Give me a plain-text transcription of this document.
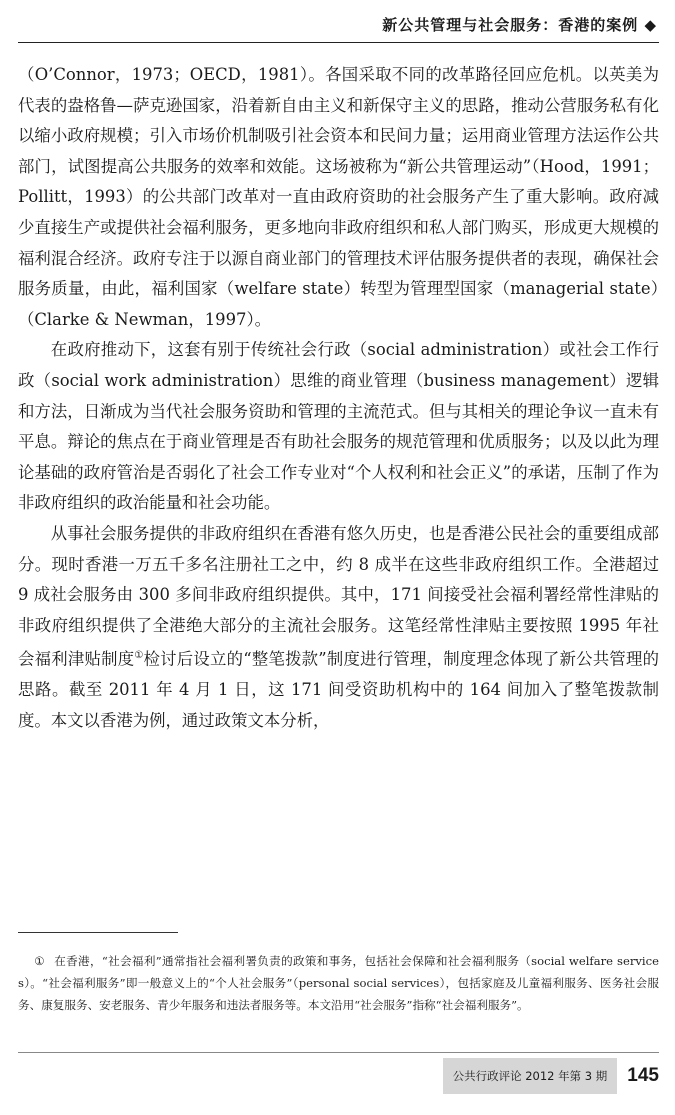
新公共管理与社会服务：香港的案例 ◆

（O’Connor，1973；OECD，1981）。各国采取不同的改革路径回应危机。以英美为代表的盎格鲁—萨克逊国家，沿着新自由主义和新保守主义的思路，推动公营服务私有化以缩小政府规模；引入市场价机制吸引社会资本和民间力量；运用商业管理方法运作公共部门，试图提高公共服务的效率和效能。这场被称为“新公共管理运动”（Hood，1991；Pollitt，1993）的公共部门改革对一直由政府资助的社会服务产生了重大影响。政府减少直接生产或提供社会福利服务，更多地向非政府组织和私人部门购买，形成更大规模的福利混合经济。政府专注于以源自商业部门的管理技术评估服务提供者的表现，确保社会服务质量，由此，福利国家（welfare state）转型为管理型国家（managerial state）（Clarke & Newman，1997）。

在政府推动下，这套有别于传统社会行政（social administration）或社会工作行政（social work administration）思维的商业管理（business management）逻辑和方法，日渐成为当代社会服务资助和管理的主流范式。但与其相关的理论争议一直未有平息。辩论的焦点在于商业管理是否有助社会服务的规范管理和优质服务；以及以此为理论基础的政府管治是否弱化了社会工作专业对“个人权利和社会正义”的承诺，压制了作为非政府组织的政治能量和社会功能。

从事社会服务提供的非政府组织在香港有悠久历史，也是香港公民社会的重要组成部分。现时香港一万五千多名注册社工之中，约 8 成半在这些非政府组织工作。全港超过 9 成社会服务由 300 多间非政府组织提供。其中，171 间接受社会福利署经常性津贴的非政府组织提供了全港绝大部分的主流社会服务。这笔经常性津贴主要按照 1995 年社会福利津贴制度①检讨后设立的“整笔拨款”制度进行管理，制度理念体现了新公共管理的思路。截至 2011 年 4 月 1 日，这 171 间受资助机构中的 164 间加入了整笔拨款制度。本文以香港为例，通过政策文本分析，

① 在香港，“社会福利”通常指社会福利署负责的政策和事务，包括社会保障和社会福利服务（social welfare services）。“社会福利服务”即一般意义上的“个人社会服务”（personal social services），包括家庭及儿童福利服务、医务社会服务、康复服务、安老服务、青少年服务和违法者服务等。本文沿用“社会服务”指称“社会福利服务”。
公共行政评论 2012 年第 3 期	145
